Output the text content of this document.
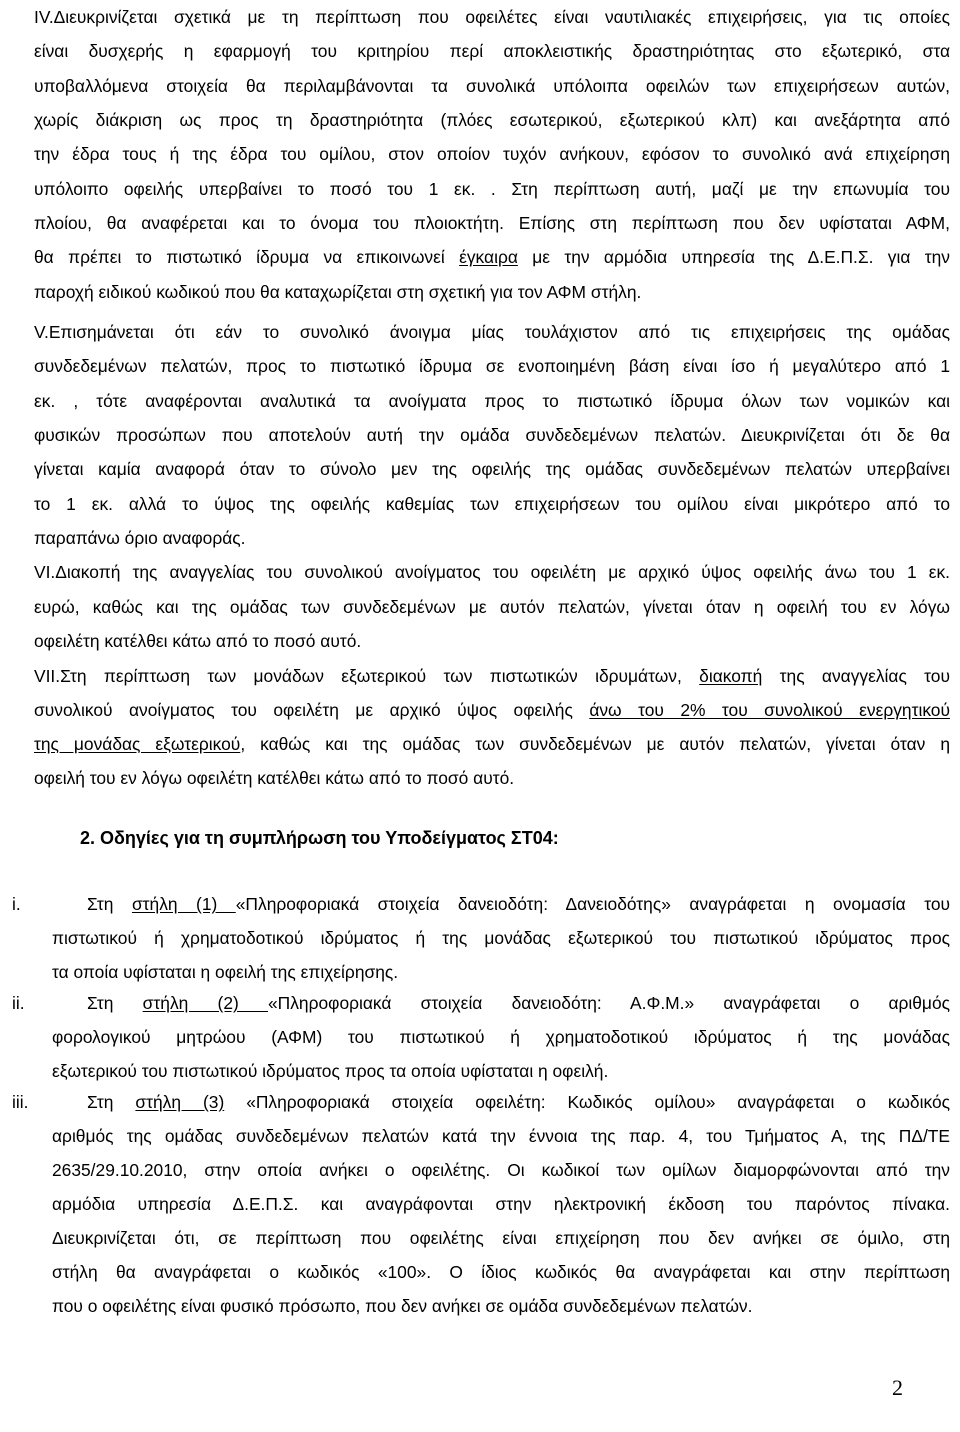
IV.Διευκρινίζεται σχετικά με τη περίπτωση που οφειλέτες είναι ναυτιλιακές επιχειρήσεις, για τις οποίες
είναι δυσχερής η εφαρμογή του κριτηρίου περί αποκλειστικής δραστηριότητας στο εξωτερικό, στα
υποβαλλόμενα στοιχεία θα περιλαμβάνονται τα συνολικά υπόλοιπα οφειλών των επιχειρήσεων αυτών,
χωρίς διάκριση ως προς τη δραστηριότητα (πλόες εσωτερικού, εξωτερικού κλπ) και ανεξάρτητα από
την έδρα τους ή της έδρα του ομίλου, στον οποίον τυχόν ανήκουν, εφόσον το συνολικό ανά επιχείρηση
υπόλοιπο οφειλής υπερβαίνει το ποσό του 1 εκ. . Στη περίπτωση αυτή, μαζί με την επωνυμία του
πλοίου, θα αναφέρεται και το όνομα του πλοιοκτήτη. Επίσης στη περίπτωση που δεν υφίσταται ΑΦΜ,
θα πρέπει το πιστωτικό ίδρυμα να επικοινωνεί έγκαιρα με την αρμόδια υπηρεσία της Δ.Ε.Π.Σ. για την
παροχή ειδικού κωδικού που θα καταχωρίζεται στη σχετική για τον ΑΦΜ στήλη.
V.Επισημάνεται ότι εάν το συνολικό άνοιγμα μίας τουλάχιστον από τις επιχειρήσεις της ομάδας
συνδεδεμένων πελατών, προς το πιστωτικό ίδρυμα σε ενοποιημένη βάση είναι ίσο ή μεγαλύτερο από 1
εκ. , τότε αναφέρονται αναλυτικά τα ανοίγματα προς το πιστωτικό ίδρυμα όλων των νομικών και
φυσικών προσώπων που αποτελούν αυτή την ομάδα συνδεδεμένων πελατών. Διευκρινίζεται ότι δε θα
γίνεται καμία αναφορά όταν το σύνολο μεν της οφειλής της ομάδας συνδεδεμένων πελατών υπερβαίνει
το 1 εκ. αλλά το ύψος της οφειλής καθεμίας των επιχειρήσεων του ομίλου είναι μικρότερο από το
παραπάνω όριο αναφοράς.
VI.Διακοπή της αναγγελίας του συνολικού ανοίγματος του οφειλέτη με αρχικό ύψος οφειλής άνω του 1 εκ.
ευρώ, καθώς και της ομάδας των συνδεδεμένων με αυτόν πελατών, γίνεται όταν η οφειλή του εν λόγω
οφειλέτη κατέλθει κάτω από το ποσό αυτό.
VII.Στη περίπτωση των μονάδων εξωτερικού των πιστωτικών ιδρυμάτων, διακοπή της αναγγελίας του
συνολικού ανοίγματος του οφειλέτη με αρχικό ύψος οφειλής άνω του 2% του συνολικού ενεργητικού
της μονάδας εξωτερικού, καθώς και της ομάδας των συνδεδεμένων με αυτόν πελατών, γίνεται όταν η
οφειλή του εν λόγω οφειλέτη κατέλθει κάτω από το ποσό αυτό.
2. Οδηγίες για τη συμπλήρωση του Υποδείγματος ΣΤ04:
i.	Στη στήλη (1) «Πληροφοριακά στοιχεία δανειοδότη: Δανειοδότης» αναγράφεται η ονομασία του
πιστωτικού ή χρηματοδοτικού ιδρύματος ή της μονάδας εξωτερικού του πιστωτικού ιδρύματος προς
τα οποία υφίσταται η οφειλή της επιχείρησης.
ii.	Στη στήλη (2) «Πληροφοριακά στοιχεία δανειοδότη: Α.Φ.Μ.» αναγράφεται ο αριθμός
φορολογικού μητρώου (ΑΦΜ) του πιστωτικού ή χρηματοδοτικού ιδρύματος ή της μονάδας
εξωτερικού του πιστωτικού ιδρύματος προς τα οποία υφίσταται η οφειλή.
iii.	Στη στήλη (3) «Πληροφοριακά στοιχεία οφειλέτη: Κωδικός ομίλου» αναγράφεται ο κωδικός
αριθμός της ομάδας συνδεδεμένων πελατών κατά την έννοια της παρ. 4, του Τμήματος Α, της ΠΔ/ΤΕ
2635/29.10.2010, στην οποία ανήκει ο οφειλέτης. Οι κωδικοί των ομίλων διαμορφώνονται από την
αρμόδια υπηρεσία Δ.Ε.Π.Σ. και αναγράφονται στην ηλεκτρονική έκδοση του παρόντος πίνακα.
Διευκρινίζεται ότι, σε περίπτωση που οφειλέτης είναι επιχείρηση που δεν ανήκει σε όμιλο, στη
στήλη θα αναγράφεται ο κωδικός «100». Ο ίδιος κωδικός θα αναγράφεται και στην περίπτωση
που ο οφειλέτης είναι φυσικό πρόσωπο, που δεν ανήκει σε ομάδα συνδεδεμένων πελατών.
2
